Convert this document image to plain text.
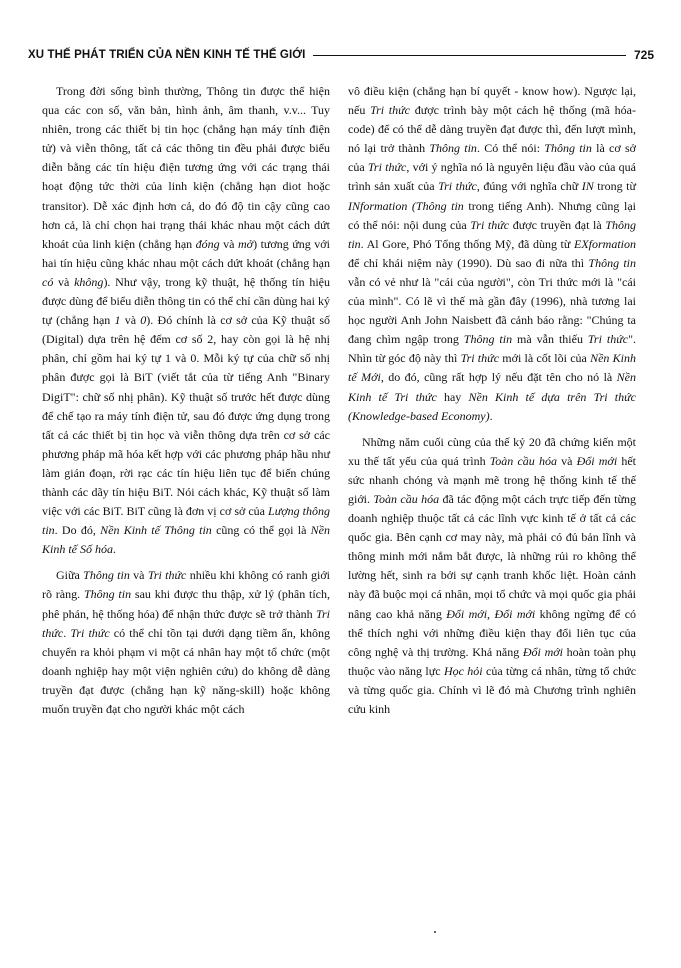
XU THẾ PHÁT TRIỂN CỦA NỀN KINH TẾ THẾ GIỚI	725

Trong đời sống bình thường, Thông tin được thể hiện qua các con số, văn bản, hình ảnh, âm thanh, v.v... Tuy nhiên, trong các thiết bị tin học (chẳng hạn máy tính điện tử) và viễn thông, tất cả các thông tin đều phải được biểu diễn bằng các tín hiệu điện tương ứng với các trạng thái hoạt động tức thời của linh kiện (chẳng hạn diot hoặc transitor). Dễ xác định hơn cả, do đó độ tin cậy cũng cao hơn cả, là chỉ chọn hai trạng thái khác nhau một cách dứt khoát của linh kiện (chẳng hạn đóng và mở) tương ứng với hai tín hiệu cũng khác nhau một cách dứt khoát (chẳng hạn có và không). Như vậy, trong kỹ thuật, hệ thống tín hiệu được dùng để biểu diễn thông tin có thể chỉ cần dùng hai ký tự (chẳng hạn 1 và 0). Đó chính là cơ sở của Kỹ thuật số (Digital) dựa trên hệ đếm cơ số 2, hay còn gọi là hệ nhị phân, chỉ gồm hai ký tự 1 và 0. Mỗi ký tự của chữ số nhị phân được gọi là BiT (viết tắt của từ tiếng Anh "Binary DigiT": chữ số nhị phân). Kỹ thuật số trước hết được dùng để chế tạo ra máy tính điện tử, sau đó được ứng dụng trong tất cả các thiết bị tin học và viễn thông dựa trên cơ sở các phương pháp mã hóa kết hợp với các phương pháp hầu như làm gián đoạn, rời rạc các tín hiệu liên tục để biến chúng thành các dãy tín hiệu BiT. Nói cách khác, Kỹ thuật số làm việc với các BiT. BiT cũng là đơn vị cơ sở của Lượng thông tin. Do đó, Nền Kinh tế Thông tin cũng có thể gọi là Nền Kinh tế Số hóa.

Giữa Thông tin và Tri thức nhiều khi không có ranh giới rõ ràng. Thông tin sau khi được thu thập, xử lý (phân tích, phê phán, hệ thống hóa) để nhận thức được sẽ trở thành Tri thức. Tri thức có thể chỉ tồn tại dưới dạng tiềm ẩn, không chuyển ra khỏi phạm vi một cá nhân hay một tổ chức (một doanh nghiệp hay một viện nghiên cứu) do không dễ dàng truyền đạt được (chẳng hạn kỹ năng-skill) hoặc không muốn truyền đạt cho người khác một cách

vô điều kiện (chẳng hạn bí quyết - know how). Ngược lại, nếu Tri thức được trình bày một cách hệ thống (mã hóa-code) để có thể dễ dàng truyền đạt được thì, đến lượt mình, nó lại trở thành Thông tin. Có thể nói: Thông tin là cơ sở của Tri thức, với ý nghĩa nó là nguyên liệu đầu vào của quá trình sản xuất của Tri thức, đúng với nghĩa chữ IN trong từ INformation (Thông tin trong tiếng Anh). Nhưng cũng lại có thể nói: nội dung của Tri thức được truyền đạt là Thông tin. Al Gore, Phó Tổng thống Mỹ, đã dùng từ EXformation để chỉ khái niệm này (1990). Dù sao đi nữa thì Thông tin vẫn có vẻ như là "cái của người", còn Tri thức mới là "cái của mình". Có lẽ vì thế mà gần đây (1996), nhà tương lai học người Anh John Naisbett đã cảnh báo rằng: "Chúng ta đang chìm ngập trong Thông tin mà vẫn thiếu Tri thức". Nhìn từ góc độ này thì Tri thức mới là cốt lõi của Nền Kinh tế Mới, do đó, cũng rất hợp lý nếu đặt tên cho nó là Nền Kinh tế Tri thức hay Nền Kinh tế dựa trên Tri thức (Knowledge-based Economy).

Những năm cuối cùng của thế kỷ 20 đã chứng kiến một xu thế tất yếu của quá trình Toàn cầu hóa và Đổi mới hết sức nhanh chóng và mạnh mẽ trong hệ thống kinh tế thế giới. Toàn cầu hóa đã tác động một cách trực tiếp đến từng doanh nghiệp thuộc tất cả các lĩnh vực kinh tế ở tất cả các quốc gia. Bên cạnh cơ may này, mà phải có đủ bản lĩnh và thông minh mới nắm bắt được, là những rủi ro không thể lường hết, sinh ra bởi sự cạnh tranh khốc liệt. Hoàn cảnh này đã buộc mọi cá nhân, mọi tổ chức và mọi quốc gia phải nâng cao khả năng Đổi mới, Đổi mới không ngừng để có thể thích nghi với những điều kiện thay đổi liên tục của công nghệ và thị trường. Khả năng Đổi mới hoàn toàn phụ thuộc vào năng lực Học hỏi của từng cá nhân, từng tổ chức và từng quốc gia. Chính vì lẽ đó mà Chương trình nghiên cứu kinh
